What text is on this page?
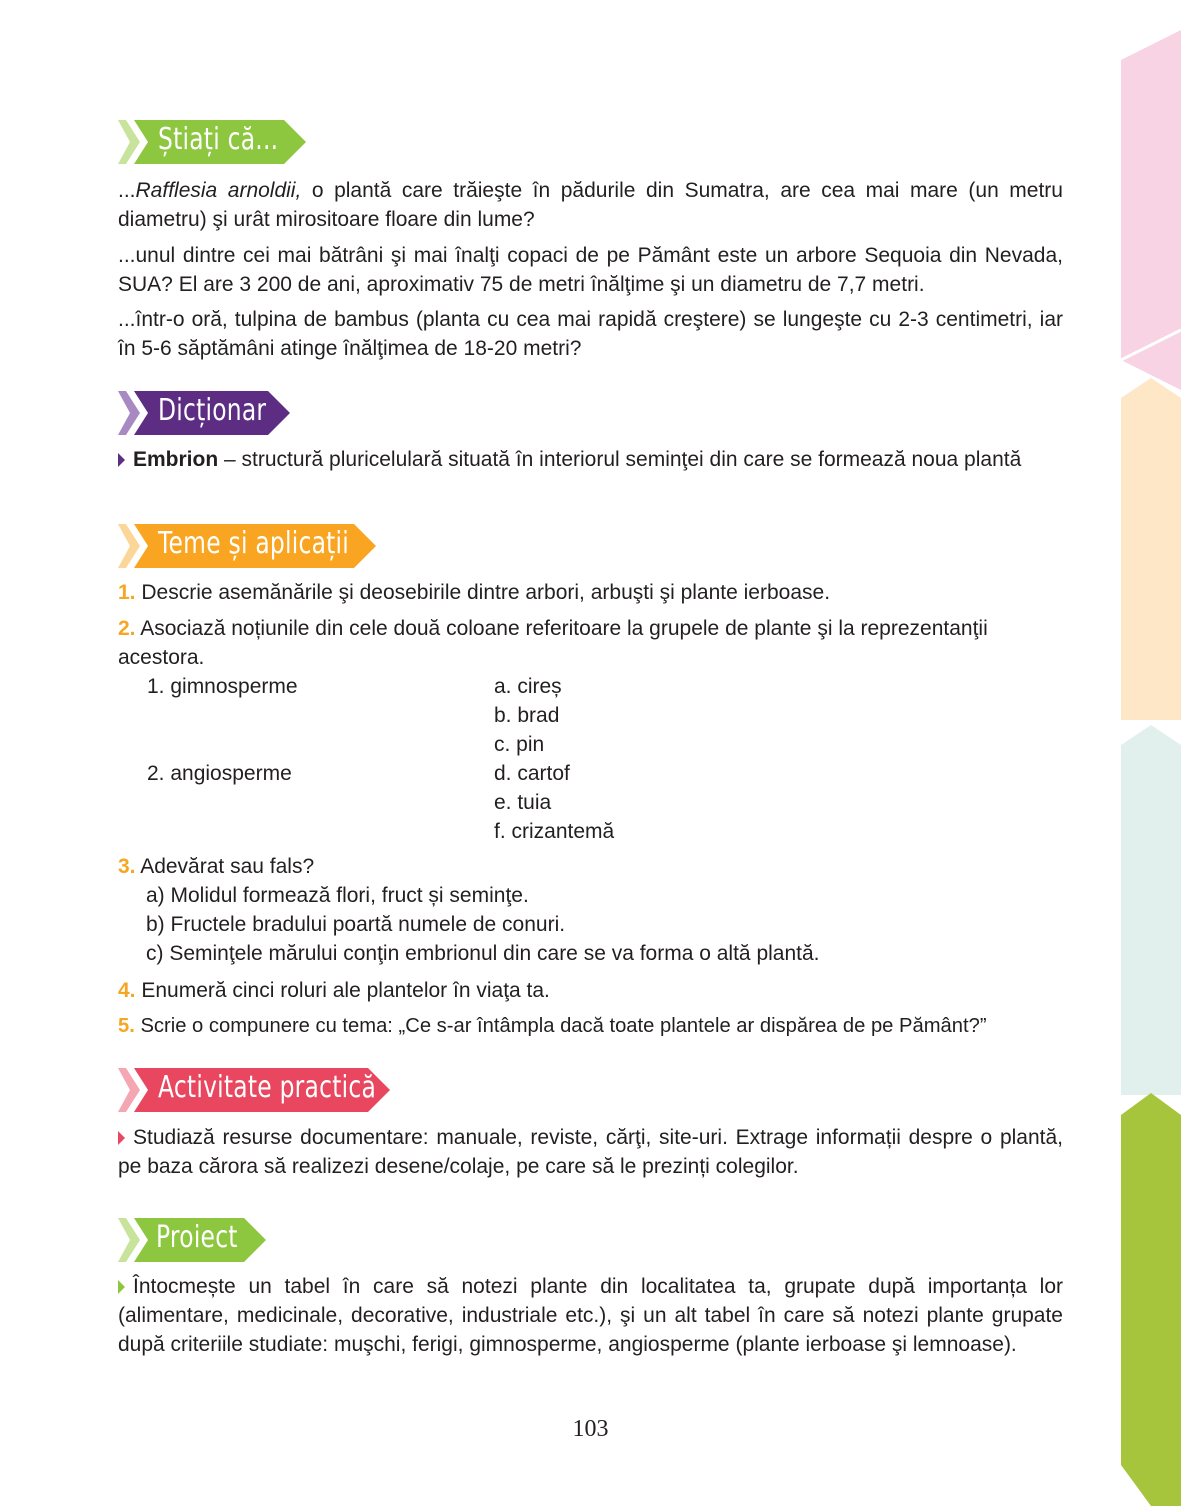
Știați că...
...Rafflesia arnoldii, o plantă care trăieşte în pădurile din Sumatra, are cea mai mare (un metru diametru) şi urât mirositoare floare din lume?
...unul dintre cei mai bătrâni şi mai înalţi copaci de pe Pământ este un arbore Sequoia din Nevada, SUA? El are 3 200 de ani, aproximativ 75 de metri înălţime şi un diametru de 7,7 metri.
...într-o oră, tulpina de bambus (planta cu cea mai rapidă creştere) se lungeşte cu 2-3 centimetri, iar în 5-6 săptămâni atinge înălţimea de 18-20 metri?
Dicționar
Embrion – structură pluricelulară situată în interiorul seminţei din care se formează noua plantă
Teme și aplicații
1. Descrie asemănările şi deosebirile dintre arbori, arbuşti şi plante ierboase.
2. Asociază noțiunile din cele două coloane referitoare la grupele de plante şi la reprezentanţii acestora.
1. gimnosperme
2. angiosperme
a. cireș
b. brad
c. pin
d. cartof
e. tuia
f. crizantemă
3. Adevărat sau fals?
a) Molidul formează flori, fruct și seminţe.
b) Fructele bradului poartă numele de conuri.
c) Seminţele mărului conţin embrionul din care se va forma o altă plantă.
4. Enumeră cinci roluri ale plantelor în viaţa ta.
5. Scrie o compunere cu tema: „Ce s-ar întâmpla dacă toate plantele ar dispărea de pe Pământ?”
Activitate practică
Studiază resurse documentare: manuale, reviste, cărţi, site-uri. Extrage informații despre o plantă, pe baza cărora să realizezi desene/colaje, pe care să le prezinți colegilor.
Proiect
Întocmește un tabel în care să notezi plante din localitatea ta, grupate după importanța lor (alimentare, medicinale, decorative, industriale etc.), şi un alt tabel în care să notezi plante grupate după criteriile studiate: muşchi, ferigi, gimnosperme, angiosperme (plante ierboase şi lemnoase).
103
